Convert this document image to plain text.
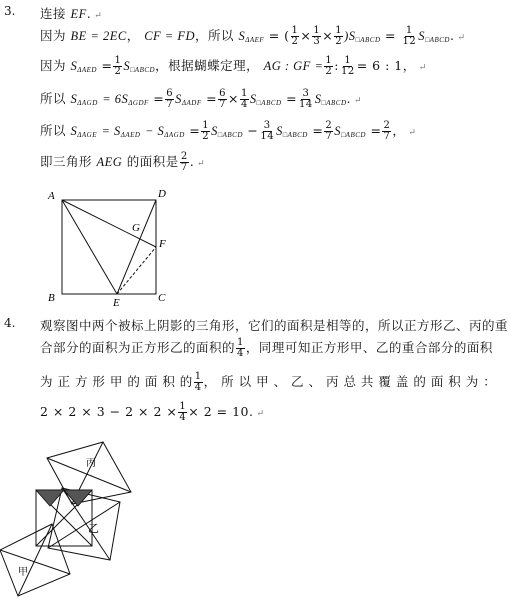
3. 连接 EF. ↵
因为 BE = 2EC， CF = FD，所以 $S_{\Delta AEF}$ = ( $\frac{1}{2} \times \frac{1}{3} \times \frac{1}{2} )S_{□ABCD} = \frac{1}{12} S_{□ABCD}$. ↵
因为 $S_{\Delta AED} = \frac{1}{2} S_{□ABCD}$，根据蝴蝶定理， AG : GF = $\frac{1}{2}$ : $\frac{1}{12} = 6$ : 1， ↵
所以 $S_{\Delta AGD} = 6S_{\Delta GDF} = \frac{6}{7} S_{\Delta ADF} = \frac{6}{7} \times \frac{1}{4} S_{□ABCD} = \frac{3}{14} S_{□ABCD}$. ↵
所以 $S_{\Delta AGE} = S_{\Delta AED} - S_{\Delta AGD} = \frac{1}{2} S_{□ABCD} - \frac{3}{14} S_{□ABCD} = \frac{2}{7} S_{□ABCD} = \frac{2}{7}$ ， ↵
即三角形 AEG 的面积是 $\frac{2}{7}$ . ↵
A	D
G
F
B	E	C
4. 观察图中两个被标上阴影的三角形，它们的面积是相等的，所以正方形乙、丙的重
合部分的面积为正方形乙的面积的 $\frac{1}{4}$ ，同理可知正方形甲、乙的重合部分的面积
为 正 方 形 甲 的 面 积 的 $\frac{1}{4}$ ， 所 以 甲 、 乙 、 丙 总 共 覆 盖 的 面 积 为 ：
$2 \times 2 \times 3 - 2 \times 2 \times \frac{1}{4} \times 2 = 10$. ↵
丙
乙
甲
